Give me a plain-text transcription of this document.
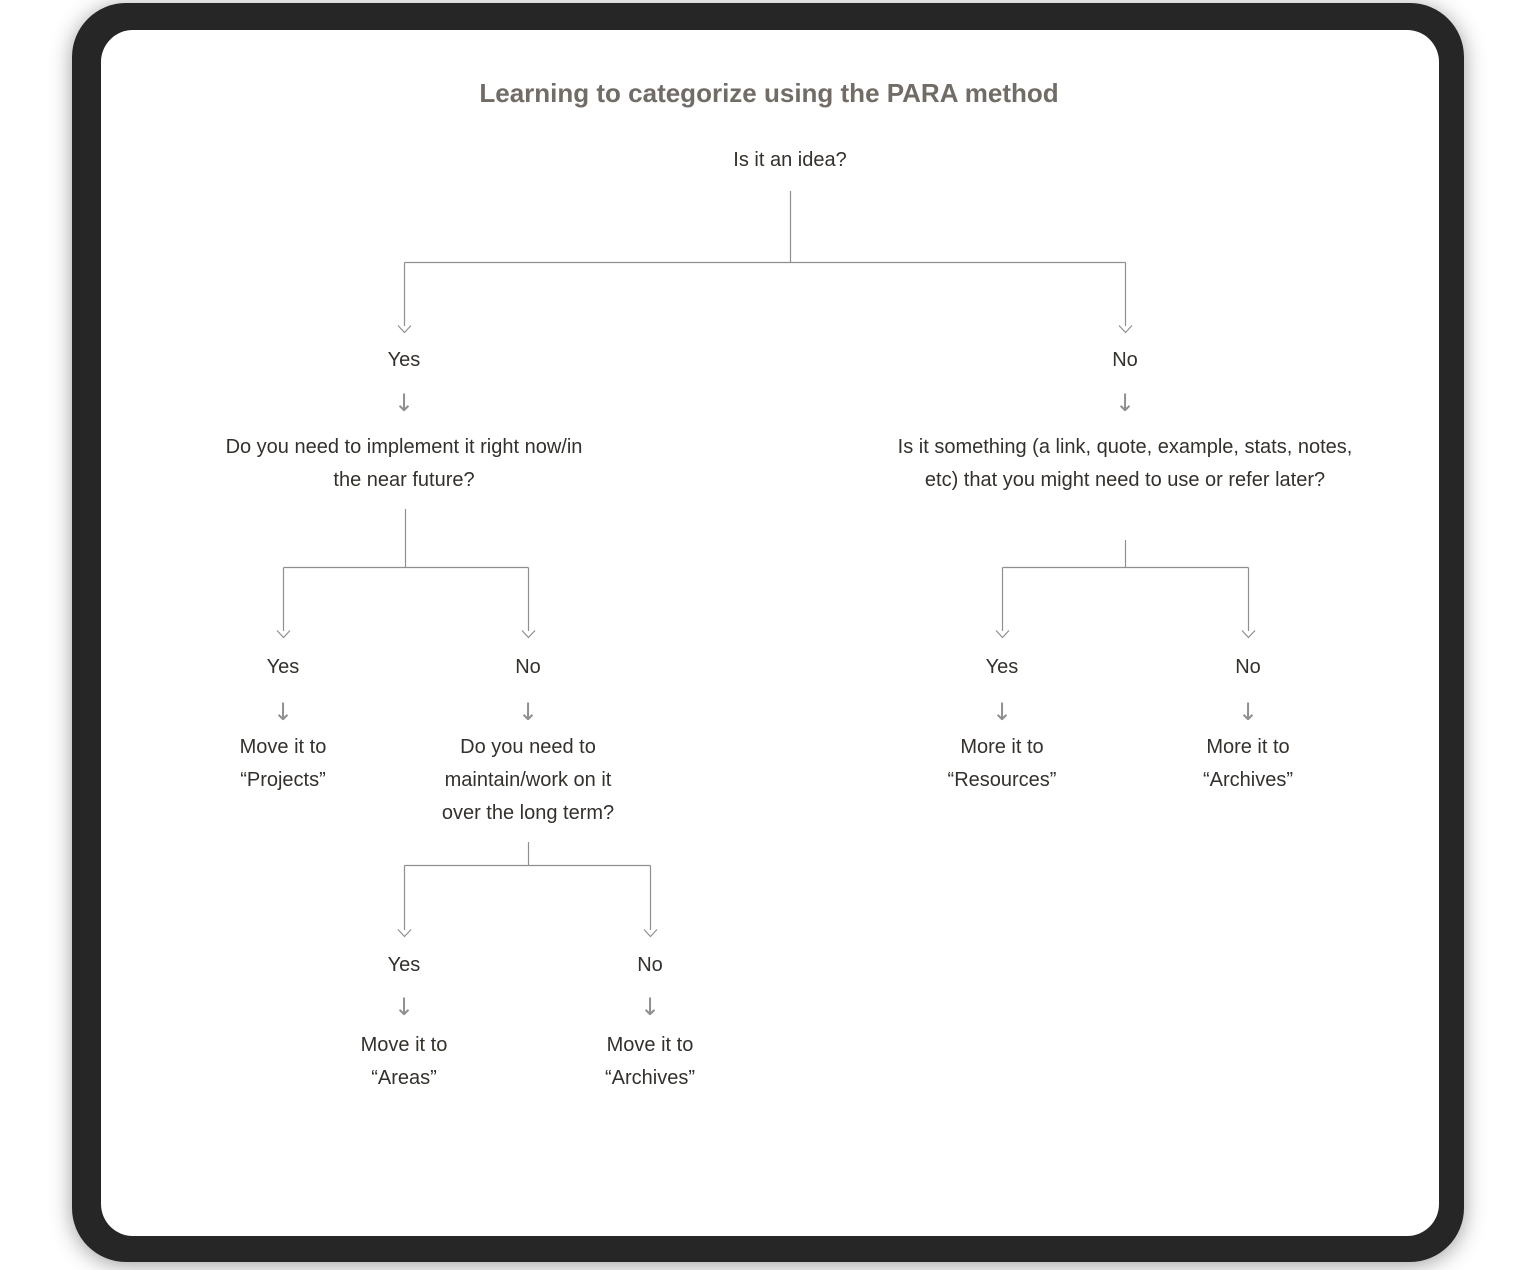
Learning to categorize using the PARA method
Is it an idea?
Yes	No
↓	↓
Do you need to implement it right now/in the near future?
Is it something (a link, quote, example, stats, notes, etc) that you might need to use or refer later?
Yes	No
↓	↓
Yes	No
↓	↓
Move it to “Projects”
Do you need to maintain/work on it over the long term?
More it to “Resources”
More it to “Archives”
Yes	No
↓	↓
Move it to “Areas”
Move it to “Archives”
